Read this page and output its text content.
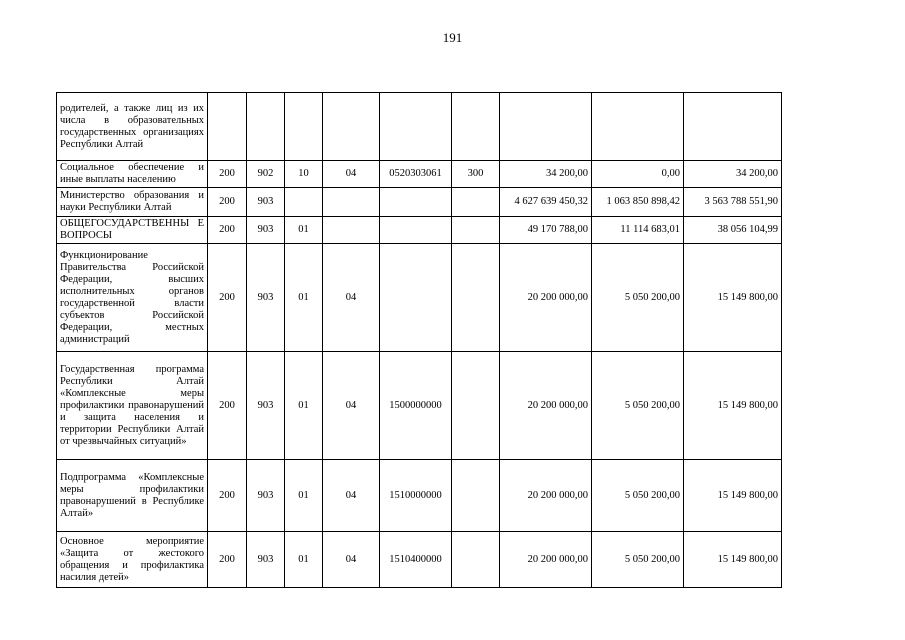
191
родителей, а также лиц из их числа в образовательных государственных организациях Республики Алтай									
Социальное обеспечение и иные выплаты населению	200	902	10	04	0520303061	300	34 200,00	0,00	34 200,00
Министерство образования и науки Республики Алтай	200	903					4 627 639 450,32	1 063 850 898,42	3 563 788 551,90
ОБЩЕГОСУДАРСТВЕННЫ Е ВОПРОСЫ	200	903	01				49 170 788,00	11 114 683,01	38 056 104,99
Функционирование Правительства Российской Федерации, высших исполнительных органов государственной власти субъектов Российской Федерации, местных администраций	200	903	01	04			20 200 000,00	5 050 200,00	15 149 800,00
Государственная программа Республики Алтай «Комплексные меры профилактики правонарушений и защита населения и территории Республики Алтай от чрезвычайных ситуаций»	200	903	01	04	1500000000		20 200 000,00	5 050 200,00	15 149 800,00
Подпрограмма «Комплексные меры профилактики правонарушений в Республике Алтай»	200	903	01	04	1510000000		20 200 000,00	5 050 200,00	15 149 800,00
Основное мероприятие «Защита от жестокого обращения и профилактика насилия детей»	200	903	01	04	1510400000		20 200 000,00	5 050 200,00	15 149 800,00
